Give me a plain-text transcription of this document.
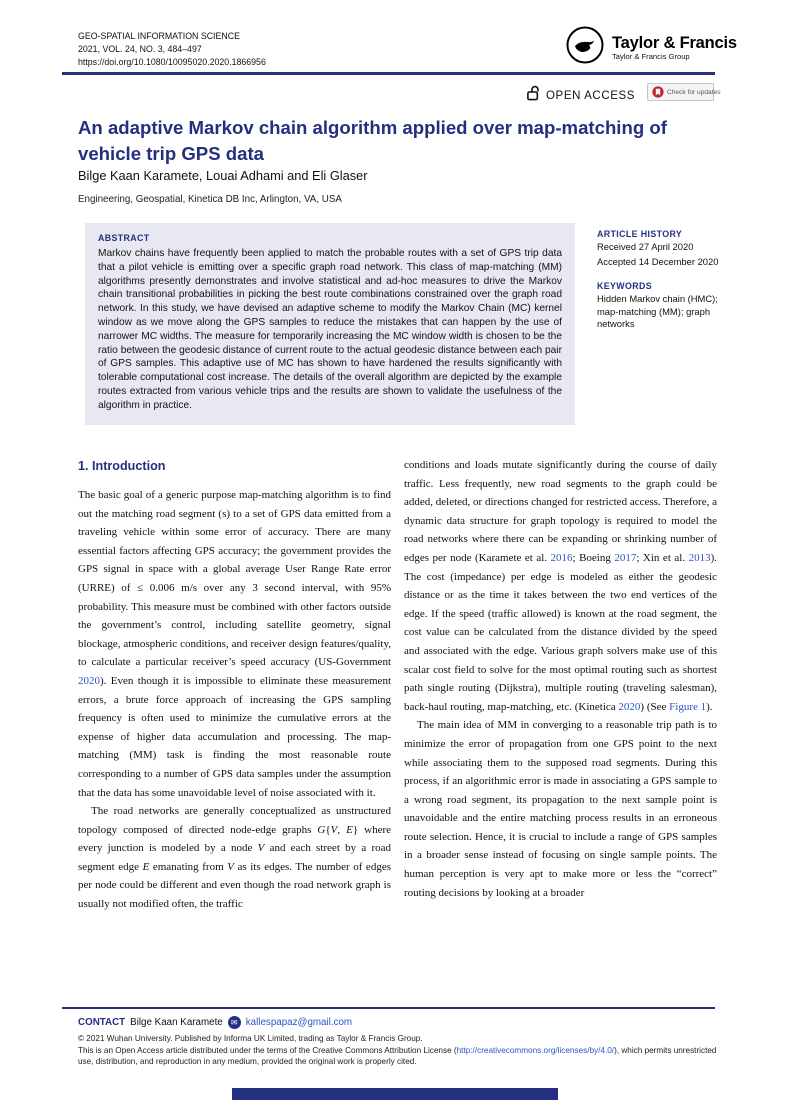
GEO-SPATIAL INFORMATION SCIENCE
2021, VOL. 24, NO. 3, 484–497
https://doi.org/10.1080/10095020.2020.1866956
Taylor & Francis
Taylor & Francis Group
OPEN ACCESS	Check for updates
An adaptive Markov chain algorithm applied over map-matching of vehicle trip GPS data
Bilge Kaan Karamete, Louai Adhami and Eli Glaser
Engineering, Geospatial, Kinetica DB Inc, Arlington, VA, USA
ABSTRACT
Markov chains have frequently been applied to match the probable routes with a set of GPS trip data that a pilot vehicle is emitting over a specific graph road network. This class of map-matching (MM) algorithms presently demonstrates and involve statistical and ad-hoc measures to drive the Markov chain transitional probabilities in picking the best route combinations constrained over the graph road network. In this study, we have devised an adaptive scheme to modify the Markov Chain (MC) kernel window as we move along the GPS samples to reduce the mistakes that can happen by the use of narrower MC widths. The measure for temporarily increasing the MC window width is chosen to be the ratio between the geodesic distance of current route to the actual geodesic distance between each pair of GPS samples. This adaptive use of MC has shown to have hardened the results significantly with tolerable computational cost increase. The details of the overall algorithm are depicted by the example routes extracted from various vehicle trips and the results are shown to validate the usefulness of the algorithm in practice.
ARTICLE HISTORY
Received 27 April 2020
Accepted 14 December 2020
KEYWORDS
Hidden Markov chain (HMC); map-matching (MM); graph networks
1. Introduction

The basic goal of a generic purpose map-matching algorithm is to find out the matching road segment (s) to a set of GPS data emitted from a traveling vehicle within some error of accuracy. There are many essential factors affecting GPS accuracy; the government provides the GPS signal in space with a global average User Range Rate error (URRE) of ≤ 0.006 m/s over any 3 second interval, with 95% probability. This measure must be combined with other factors outside the government’s control, including satellite geometry, signal blockage, atmospheric conditions, and receiver design features/quality, to calculate a particular receiver’s speed accuracy (US-Government 2020). Even though it is impossible to eliminate these measurement errors, a brute force approach of increasing the GPS sampling frequency is often used to minimize the cumulative errors at the expense of higher data accumulation and processing. The map-matching (MM) task is finding the most reasonable route corresponding to a number of GPS data samples under the assumption that the data has some unavoidable level of noise associated with it.

The road networks are generally conceptualized as unstructured topology composed of directed node-edge graphs G{V, E} where every junction is modeled by a node V and each street by a road segment edge E emanating from V as its edges. The number of edges per node could be different and even though the road network graph is usually not modified often, the traffic

conditions and loads mutate significantly during the course of daily traffic. Less frequently, new road segments to the graph could be added, deleted, or directions changed for restricted access. Therefore, a dynamic data structure for graph topology is required to model the road networks where there can be expanding or shrinking number of edges per node (Karamete et al. 2016; Boeing 2017; Xin et al. 2013). The cost (impedance) per edge is modeled as either the geodesic distance or as the time it takes between the two end vertices of the edge. If the speed (traffic allowed) is known at the road segment, the cost value can be calculated from the distance divided by the speed and associated with the edge. Various graph solvers make use of this scalar cost field to solve for the most optimal routing such as shortest path single routing (Dijkstra), multiple routing (traveling salesman), back-haul routing, map-matching, etc. (Kinetica 2020) (See Figure 1).

The main idea of MM in converging to a reasonable trip path is to minimize the error of propagation from one GPS point to the next while associating them to the supposed road segments. During this process, if an algorithmic error is made in associating a GPS sample to a wrong road segment, its propagation to the next sample point is unavoidable and the entire matching process results in an erroneous route selection. Hence, it is crucial to include a range of GPS samples in a broader sense instead of focusing on single sample points. The human perception is very apt to make more or less the “correct” routing decisions by looking at a broader

CONTACT Bilge Kaan Karamete	✉ kallespapaz@gmail.com
© 2021 Wuhan University. Published by Informa UK Limited, trading as Taylor & Francis Group.
This is an Open Access article distributed under the terms of the Creative Commons Attribution License (http://creativecommons.org/licenses/by/4.0/), which permits unrestricted use, distribution, and reproduction in any medium, provided the original work is properly cited.
